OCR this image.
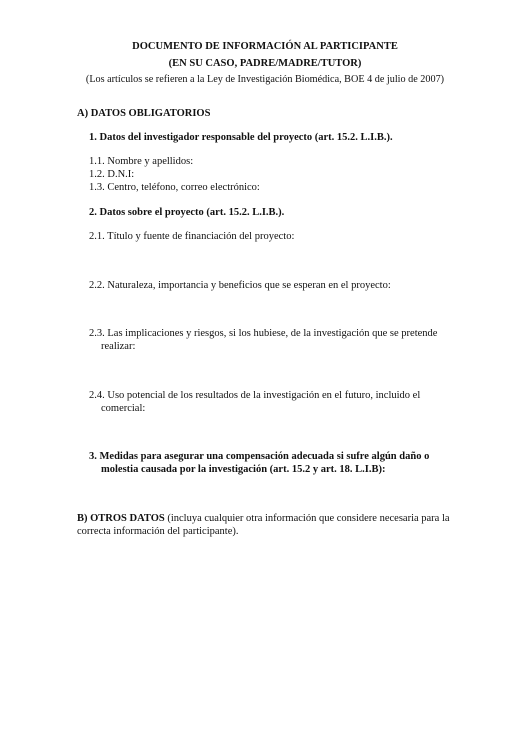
DOCUMENTO DE INFORMACIÓN AL PARTICIPANTE
(EN SU CASO, PADRE/MADRE/TUTOR)
(Los artículos se refieren a la Ley de Investigación Biomédica, BOE 4 de julio de 2007)
A) DATOS OBLIGATORIOS
1. Datos del investigador responsable del proyecto (art. 15.2. L.I.B.).
1.1. Nombre y apellidos:
1.2. D.N.I:
1.3. Centro, teléfono, correo electrónico:
2. Datos sobre el proyecto (art. 15.2. L.I.B.).
2.1. Título y fuente de financiación del proyecto:
2.2. Naturaleza, importancia y beneficios que se esperan en el proyecto:
2.3. Las implicaciones y riesgos, si los hubiese, de la investigación que se pretende
realizar:
2.4. Uso potencial de los resultados de la investigación en el futuro, incluido el
comercial:
3. Medidas para asegurar una compensación adecuada si sufre algún daño o
molestia causada por la investigación (art. 15.2 y art. 18. L.I.B):
B) OTROS DATOS (incluya cualquier otra información que considere necesaria para la
correcta información del participante).
